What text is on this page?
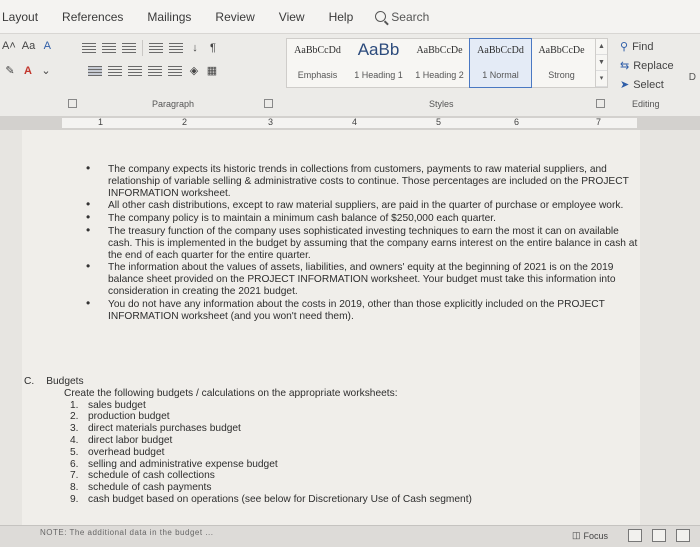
Layout	References	Mailings	Review	View	Help	Search
A˄ Aa A
✎ A ⌄
↓ ¶
◈ ▦
AaBbCcDd
Emphasis
AaBb
1 Heading 1
AaBbCcDe
1 Heading 2
AaBbCcDd
1 Normal
AaBbCcDe
Strong
▲
▼
▾
⚲ Find
⇆ Replace
➤ Select
D
Paragraph	Styles	Editing
1	2	3	4	5	6	7
• The company expects its historic trends in collections from customers, payments to raw material suppliers, and relationship of variable selling & administrative costs to continue. Those percentages are included on the PROJECT INFORMATION worksheet.
• All other cash distributions, except to raw material suppliers, are paid in the quarter of purchase or employee work.
• The company policy is to maintain a minimum cash balance of $250,000 each quarter.
• The treasury function of the company uses sophisticated investing techniques to earn the most it can on available cash. This is implemented in the budget by assuming that the company earns interest on the entire balance in cash at the end of each quarter for the entire quarter.
• The information about the values of assets, liabilities, and owners' equity at the beginning of 2021 is on the 2019 balance sheet provided on the PROJECT INFORMATION worksheet. Your budget must take this information into consideration in creating the 2021 budget.
• You do not have any information about the costs in 2019, other than those explicitly included on the PROJECT INFORMATION worksheet (and you won't need them).
C. Budgets
Create the following budgets / calculations on the appropriate worksheets:
1. sales budget
2. production budget
3. direct materials purchases budget
4. direct labor budget
5. overhead budget
6. selling and administrative expense budget
7. schedule of cash collections
8. schedule of cash payments
9. cash budget based on operations (see below for Discretionary Use of Cash segment)
NOTE: The additional data in the budget ...	◫ Focus
